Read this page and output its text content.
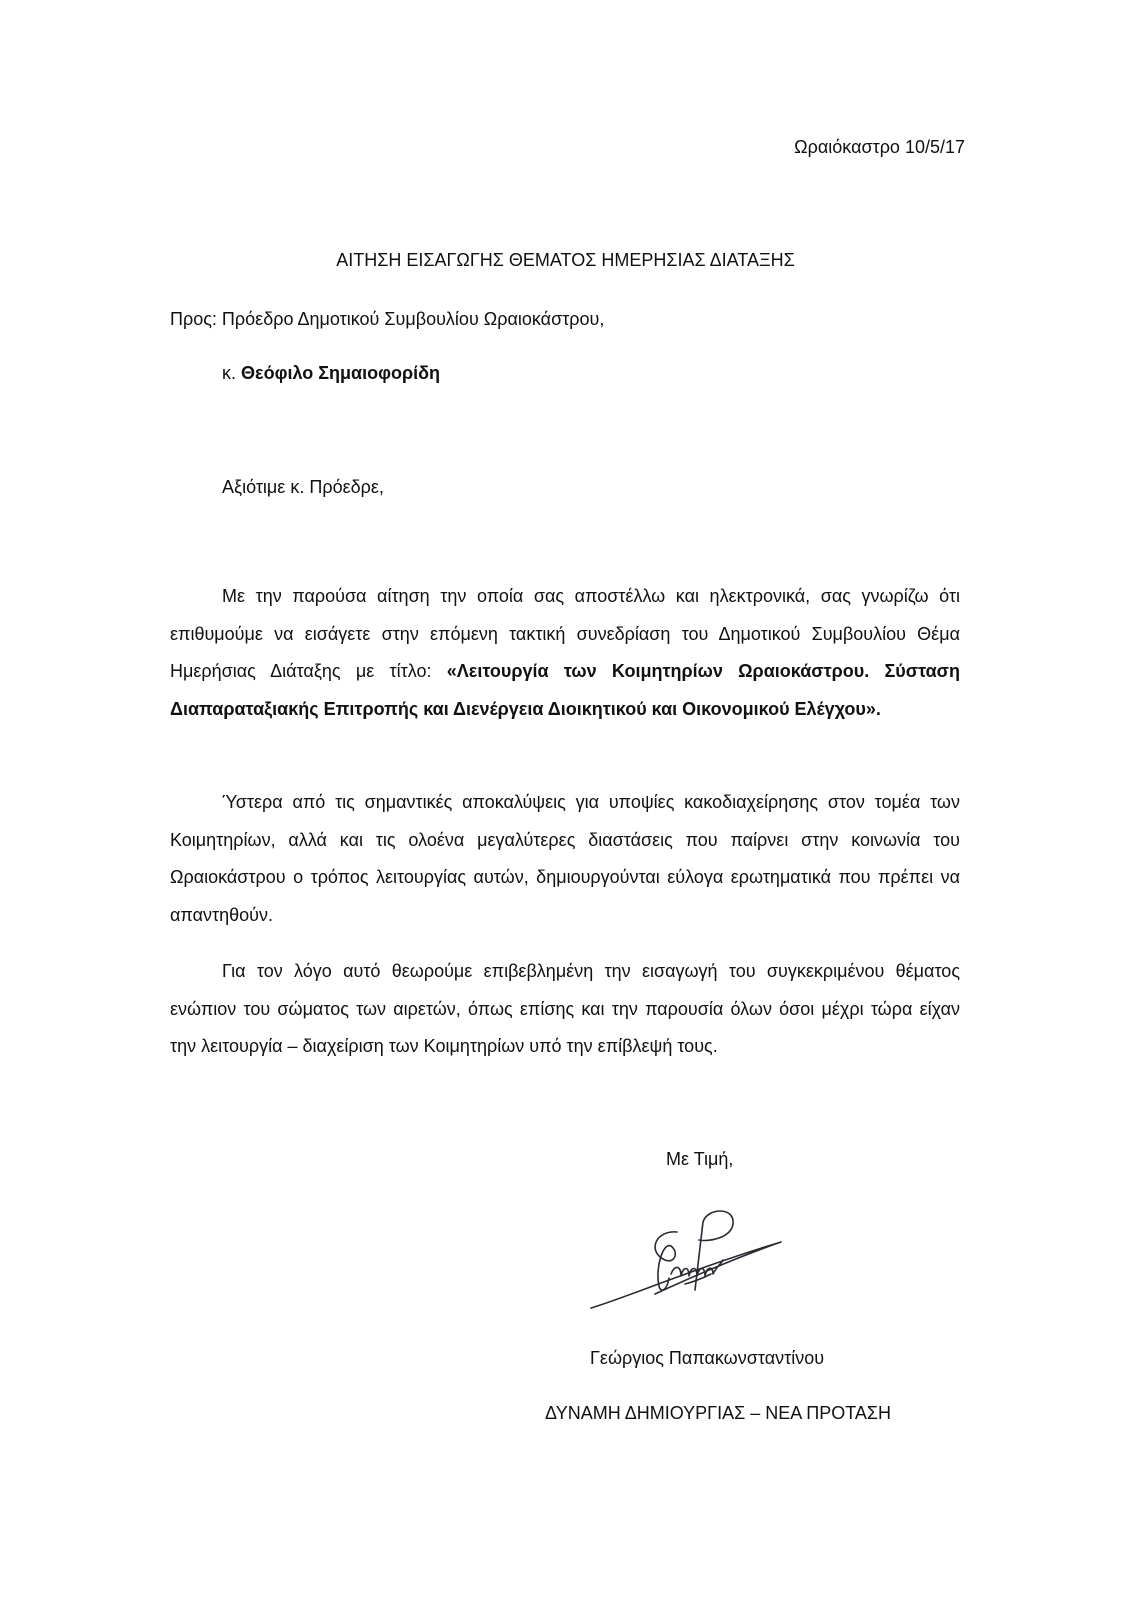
Ωραιόκαστρο 10/5/17
ΑΙΤΗΣΗ ΕΙΣΑΓΩΓΗΣ ΘΕΜΑΤΟΣ ΗΜΕΡΗΣΙΑΣ ΔΙΑΤΑΞΗΣ
Προς: Πρόεδρο Δημοτικού Συμβουλίου Ωραιοκάστρου,
κ. Θεόφιλο Σημαιοφορίδη
Αξιότιμε κ. Πρόεδρε,

Με την παρούσα αίτηση την οποία σας αποστέλλω και ηλεκτρονικά, σας γνωρίζω ότι επιθυμούμε να εισάγετε στην επόμενη τακτική συνεδρίαση του Δημοτικού Συμβουλίου Θέμα Ημερήσιας Διάταξης με τίτλο: «Λειτουργία των Κοιμητηρίων Ωραιοκάστρου. Σύσταση Διαπαραταξιακής Επιτροπής και Διενέργεια Διοικητικού και Οικονομικού Ελέγχου».

Ύστερα από τις σημαντικές αποκαλύψεις για υποψίες κακοδιαχείρησης στον τομέα των Κοιμητηρίων, αλλά και τις ολοένα μεγαλύτερες διαστάσεις που παίρνει στην κοινωνία του Ωραιοκάστρου ο τρόπος λειτουργίας αυτών, δημιουργούνται εύλογα ερωτηματικά που πρέπει να απαντηθούν.

Για τον λόγο αυτό θεωρούμε επιβεβλημένη την εισαγωγή του συγκεκριμένου θέματος ενώπιον του σώματος των αιρετών, όπως επίσης και την παρουσία όλων όσοι μέχρι τώρα είχαν την λειτουργία – διαχείριση των Κοιμητηρίων υπό την επίβλεψή τους.

Με Τιμή,
Γεώργιος Παπακωνσταντίνου
ΔΥΝΑΜΗ ΔΗΜΙΟΥΡΓΙΑΣ – ΝΕΑ ΠΡΟΤΑΣΗ
